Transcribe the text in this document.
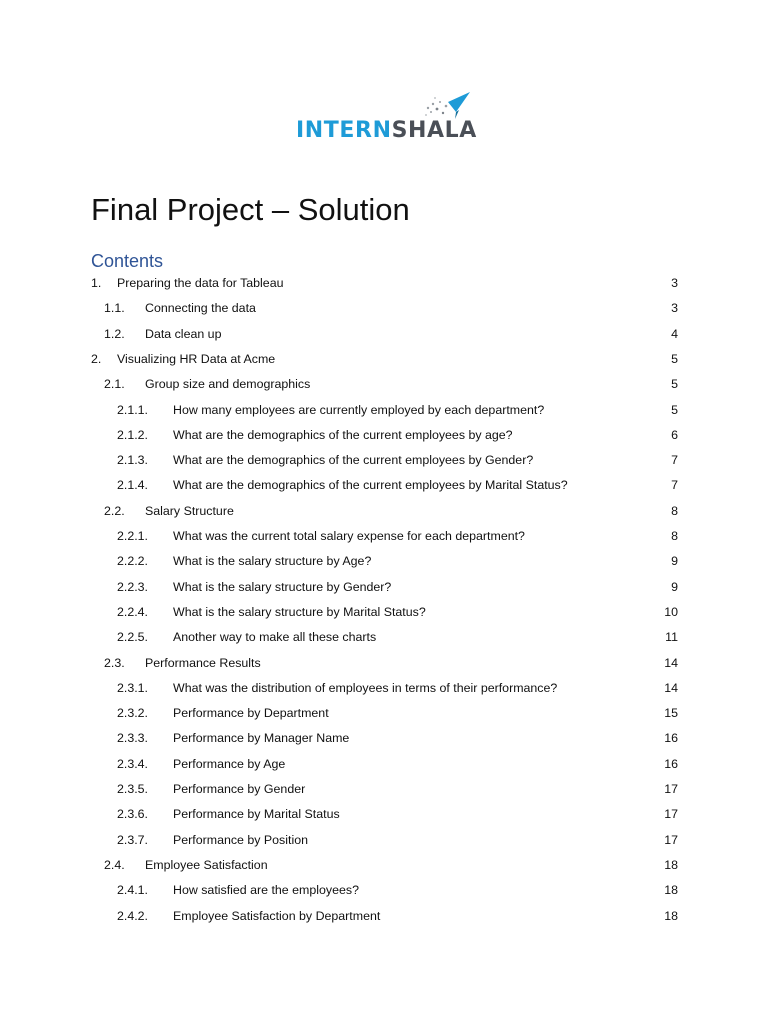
INTERNSHALA
Final Project – Solution
Contents
1. Preparing the data for Tableau	3
1.1. Connecting the data	3
1.2. Data clean up	4
2. Visualizing HR Data at Acme	5
2.1. Group size and demographics	5
2.1.1. How many employees are currently employed by each department?	5
2.1.2. What are the demographics of the current employees by age?	6
2.1.3. What are the demographics of the current employees by Gender?	7
2.1.4. What are the demographics of the current employees by Marital Status?	7
2.2. Salary Structure	8
2.2.1. What was the current total salary expense for each department?	8
2.2.2. What is the salary structure by Age?	9
2.2.3. What is the salary structure by Gender?	9
2.2.4. What is the salary structure by Marital Status?	10
2.2.5. Another way to make all these charts	11
2.3. Performance Results	14
2.3.1. What was the distribution of employees in terms of their performance?	14
2.3.2. Performance by Department	15
2.3.3. Performance by Manager Name	16
2.3.4. Performance by Age	16
2.3.5. Performance by Gender	17
2.3.6. Performance by Marital Status	17
2.3.7. Performance by Position	17
2.4. Employee Satisfaction	18
2.4.1. How satisfied are the employees?	18
2.4.2. Employee Satisfaction by Department	18
